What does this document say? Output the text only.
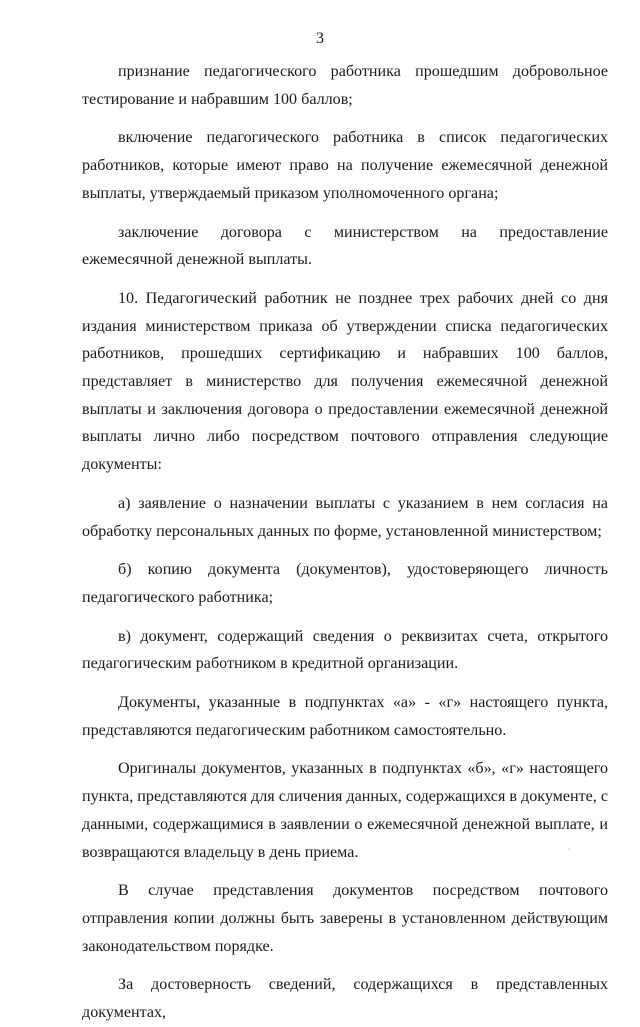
3

признание педагогического работника прошедшим добровольное тестирование и набравшим 100 баллов;

включение педагогического работника в список педагогических работников, которые имеют право на получение ежемесячной денежной выплаты, утверждаемый приказом уполномоченного органа;

заключение договора с министерством на предоставление ежемесячной денежной выплаты.

10. Педагогический работник не позднее трех рабочих дней со дня издания министерством приказа об утверждении списка педагогических работников, прошедших сертификацию и набравших 100 баллов, представляет в министерство для получения ежемесячной денежной выплаты и заключения договора о предоставлении ежемесячной денежной выплаты лично либо посредством почтового отправления следующие документы:

а) заявление о назначении выплаты с указанием в нем согласия на обработку персональных данных по форме, установленной министерством;

б) копию документа (документов), удостоверяющего личность педагогического работника;

в) документ, содержащий сведения о реквизитах счета, открытого педагогическим работником в кредитной организации.

Документы, указанные в подпунктах «а» - «г» настоящего пункта, представляются педагогическим работником самостоятельно.

Оригиналы документов, указанных в подпунктах «б», «г» настоящего пункта, представляются для сличения данных, содержащихся в документе, с данными, содержащимися в заявлении о ежемесячной денежной выплате, и возвращаются владельцу в день приема.

В случае представления документов посредством почтового отправления копии должны быть заверены в установленном действующим законодательством порядке.

За достоверность сведений, содержащихся в представленных документах,
